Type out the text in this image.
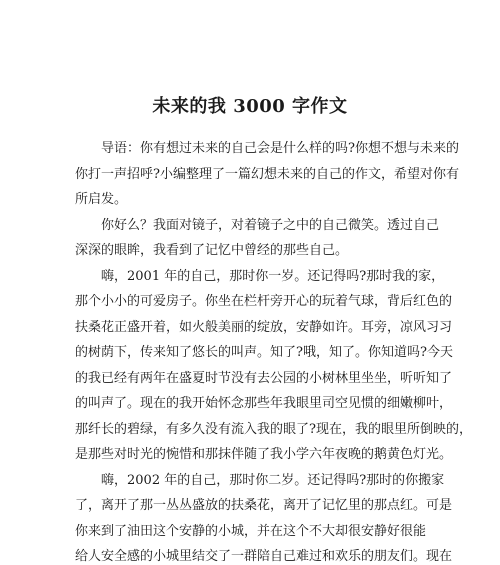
未来的我 3000 字作文
导语：你有想过未来的自己会是什么样的吗?你想不想与未来的
你打一声招呼?小编整理了一篇幻想未来的自己的作文，希望对你有
所启发。
你好么？我面对镜子，对着镜子之中的自己微笑。透过自己
深深的眼眸，我看到了记忆中曾经的那些自己。
嗨，2001 年的自己，那时你一岁。还记得吗?那时我的家，
那个小小的可爱房子。你坐在栏杆旁开心的玩着气球，背后红色的
扶桑花正盛开着，如火般美丽的绽放，安静如许。耳旁，凉风习习
的树荫下，传来知了悠长的叫声。知了?哦，知了。你知道吗?今天
的我已经有两年在盛夏时节没有去公园的小树林里坐坐，听听知了
的叫声了。现在的我开始怀念那些年我眼里司空见惯的细嫩柳叶，
那纤长的碧绿，有多久没有流入我的眼了?现在，我的眼里所倒映的，
是那些对时光的惋惜和那抹伴随了我小学六年夜晚的鹅黄色灯光。
嗨，2002 年的自己，那时你二岁。还记得吗?那时的你搬家
了，离开了那一丛丛盛放的扶桑花，离开了记忆里的那点红。可是
你来到了油田这个安静的小城，并在这个不大却很安静好很能
给人安全感的小城里结交了一群陪自己难过和欢乐的朋友们。现在
